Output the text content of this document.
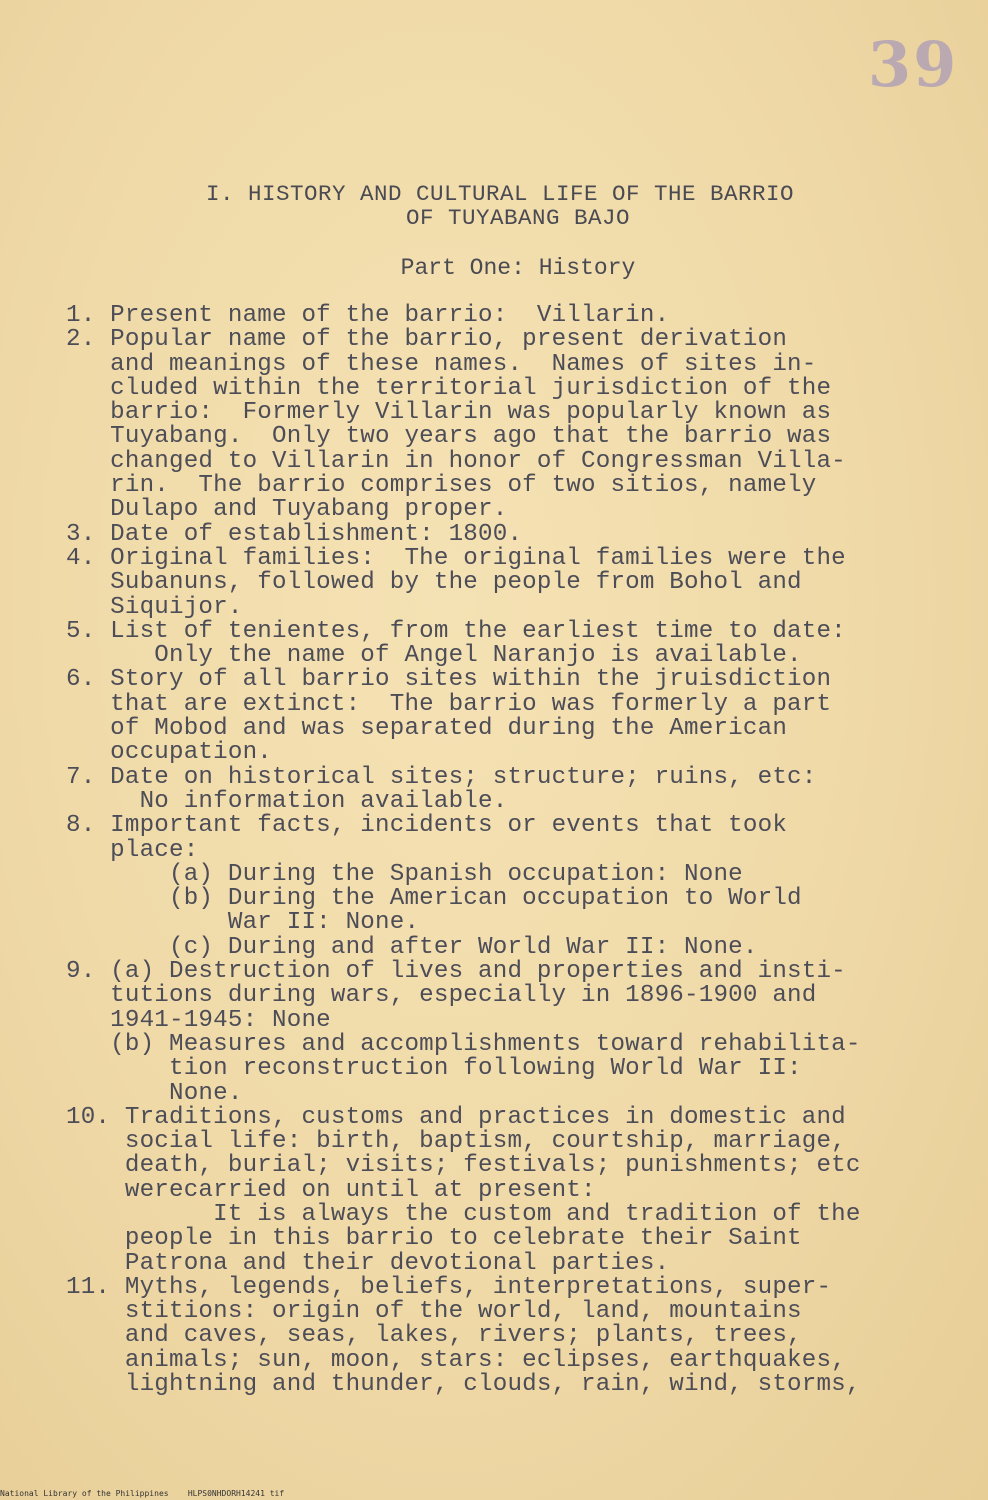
39
I. HISTORY AND CULTURAL LIFE OF THE BARRIO
OF TUYABANG BAJO
Part One: History
1. Present name of the barrio:  Villarin.
2. Popular name of the barrio, present derivation
and meanings of these names.  Names of sites in-
cluded within the territorial jurisdiction of the
barrio:  Formerly Villarin was popularly known as
Tuyabang.  Only two years ago that the barrio was
changed to Villarin in honor of Congressman Villa-
rin.  The barrio comprises of two sitios, namely
Dulapo and Tuyabang proper.
3. Date of establishment: 1800.
4. Original families:  The original families were the
Subanuns, followed by the people from Bohol and
Siquijor.
5. List of tenientes, from the earliest time to date:
Only the name of Angel Naranjo is available.
6. Story of all barrio sites within the jruisdiction
that are extinct:  The barrio was formerly a part
of Mobod and was separated during the American
occupation.
7. Date on historical sites; structure; ruins, etc:
No information available.
8. Important facts, incidents or events that took
place:
(a) During the Spanish occupation: None
(b) During the American occupation to World
War II: None.
(c) During and after World War II: None.
9. (a) Destruction of lives and properties and insti-
tutions during wars, especially in 1896-1900 and
1941-1945: None
(b) Measures and accomplishments toward rehabilita-
tion reconstruction following World War II:
None.
10. Traditions, customs and practices in domestic and
social life: birth, baptism, courtship, marriage,
death, burial; visits; festivals; punishments; etc
werecarried on until at present:
It is always the custom and tradition of the
people in this barrio to celebrate their Saint
Patrona and their devotional parties.
11. Myths, legends, beliefs, interpretations, super-
stitions: origin of the world, land, mountains
and caves, seas, lakes, rivers; plants, trees,
animals; sun, moon, stars: eclipses, earthquakes,
lightning and thunder, clouds, rain, wind, storms,
National Library of the Philippines    HLPS0NHDORH14241 tif
